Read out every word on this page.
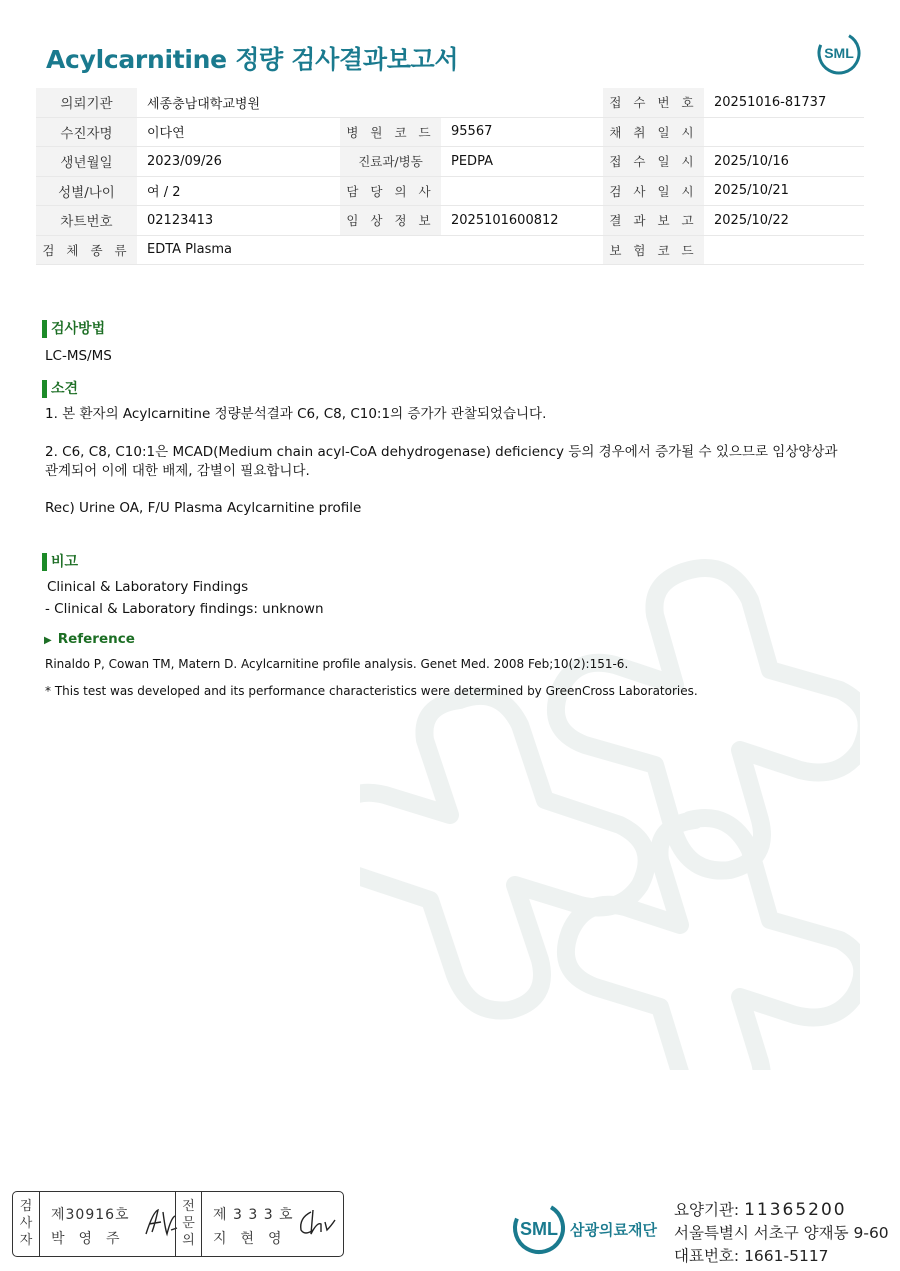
Acylcarnitine 정량 검사결과보고서	SML
의뢰기관	세종충남대학교병원			접 수 번 호	20251016-81737
수진자명	이다연	병 원 코 드	95567	채 취 일 시	
생년월일	2023/09/26	진료과/병동	PEDPA	접 수 일 시	2025/10/16
성별/나이	여 / 2	담 당 의 사		검 사 일 시	2025/10/21
차트번호	02123413	임 상 정 보	2025101600812	결 과 보 고	2025/10/22
검 체 종 류	EDTA Plasma			보 험 코 드	
검사방법
LC-MS/MS
소견
1. 본 환자의 Acylcarnitine 정량분석결과 C6, C8, C10:1의 증가가 관찰되었습니다.
2. C6, C8, C10:1은 MCAD(Medium chain acyl-CoA dehydrogenase) deficiency 등의 경우에서 증가될 수 있으므로 임상양상과
관계되어 이에 대한 배제, 감별이 필요합니다.
Rec) Urine OA, F/U Plasma Acylcarnitine profile
비고
Clinical & Laboratory Findings
- Clinical & Laboratory findings: unknown
▶ Reference
Rinaldo P, Cowan TM, Matern D. Acylcarnitine profile analysis. Genet Med. 2008 Feb;10(2):151-6.
* This test was developed and its performance characteristics were determined by GreenCross Laboratories.
검
사
자
제30916호
박영주
전
문
의
제 3 3 3 호
지현영	SML 삼광의료재단
요양기관: 11365200
서울특별시 서초구 양재동 9-60
대표번호: 1661-5117
